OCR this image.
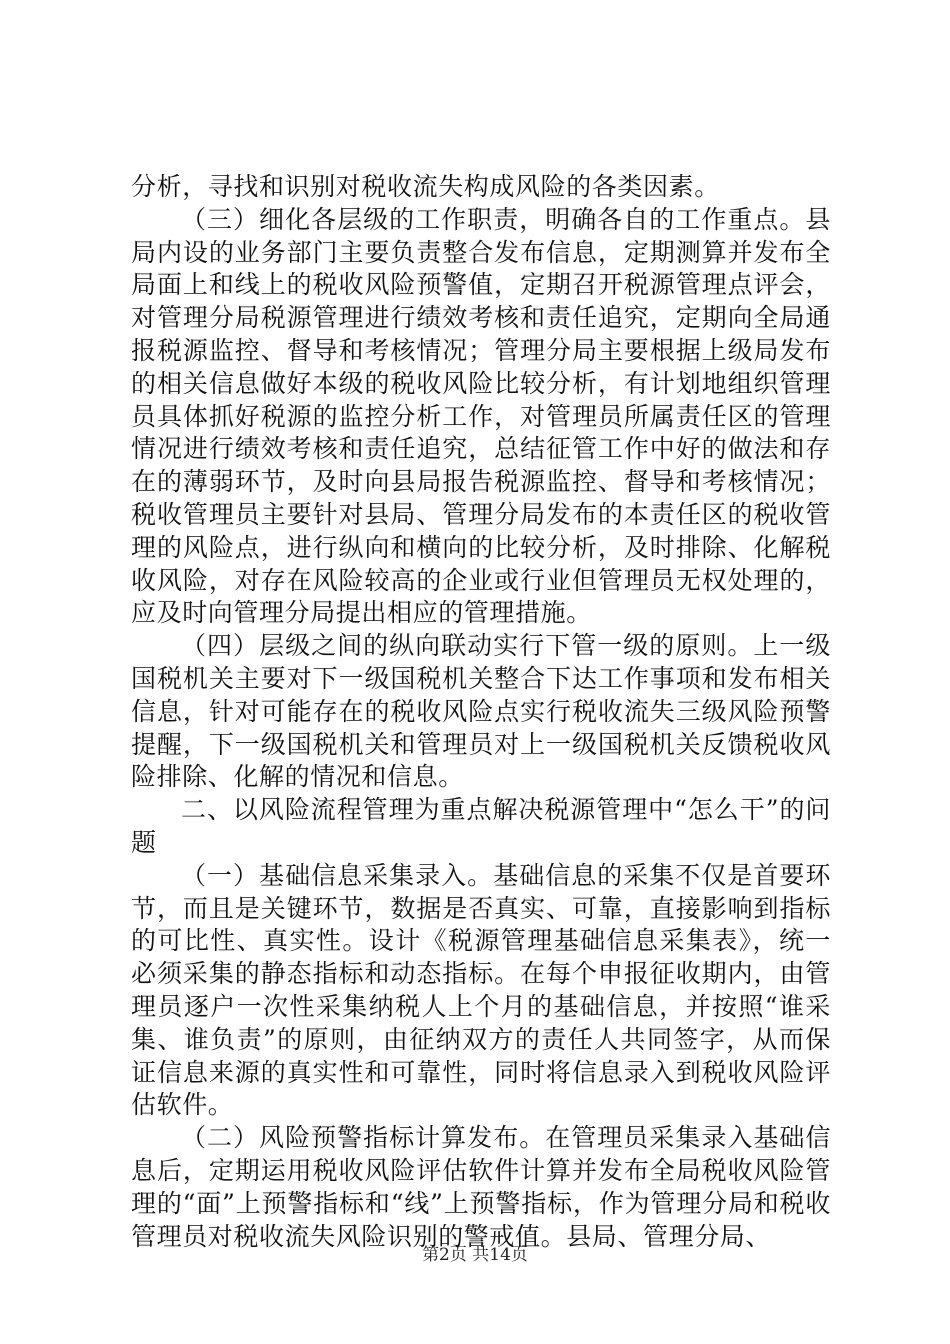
分析，寻找和识别对税收流失构成风险的各类因素。

（三）细化各层级的工作职责，明确各自的工作重点。县局内设的业务部门主要负责整合发布信息，定期测算并发布全局面上和线上的税收风险预警值，定期召开税源管理点评会，对管理分局税源管理进行绩效考核和责任追究，定期向全局通报税源监控、督导和考核情况；管理分局主要根据上级局发布的相关信息做好本级的税收风险比较分析，有计划地组织管理员具体抓好税源的监控分析工作，对管理员所属责任区的管理情况进行绩效考核和责任追究，总结征管工作中好的做法和存在的薄弱环节，及时向县局报告税源监控、督导和考核情况；税收管理员主要针对县局、管理分局发布的本责任区的税收管理的风险点，进行纵向和横向的比较分析，及时排除、化解税收风险，对存在风险较高的企业或行业但管理员无权处理的，应及时向管理分局提出相应的管理措施。

（四）层级之间的纵向联动实行下管一级的原则。上一级国税机关主要对下一级国税机关整合下达工作事项和发布相关信息，针对可能存在的税收风险点实行税收流失三级风险预警提醒，下一级国税机关和管理员对上一级国税机关反馈税收风险排除、化解的情况和信息。

二、以风险流程管理为重点解决税源管理中“怎么干”的问题

（一）基础信息采集录入。基础信息的采集不仅是首要环节，而且是关键环节，数据是否真实、可靠，直接影响到指标的可比性、真实性。设计《税源管理基础信息采集表》，统一必须采集的静态指标和动态指标。在每个申报征收期内，由管理员逐户一次性采集纳税人上个月的基础信息，并按照“谁采集、谁负责”的原则，由征纳双方的责任人共同签字，从而保证信息来源的真实性和可靠性，同时将信息录入到税收风险评估软件。

（二）风险预警指标计算发布。在管理员采集录入基础信息后，定期运用税收风险评估软件计算并发布全局税收风险管理的“面”上预警指标和“线”上预警指标，作为管理分局和税收管理员对税收流失风险识别的警戒值。县局、管理分局、

第2页 共14页
